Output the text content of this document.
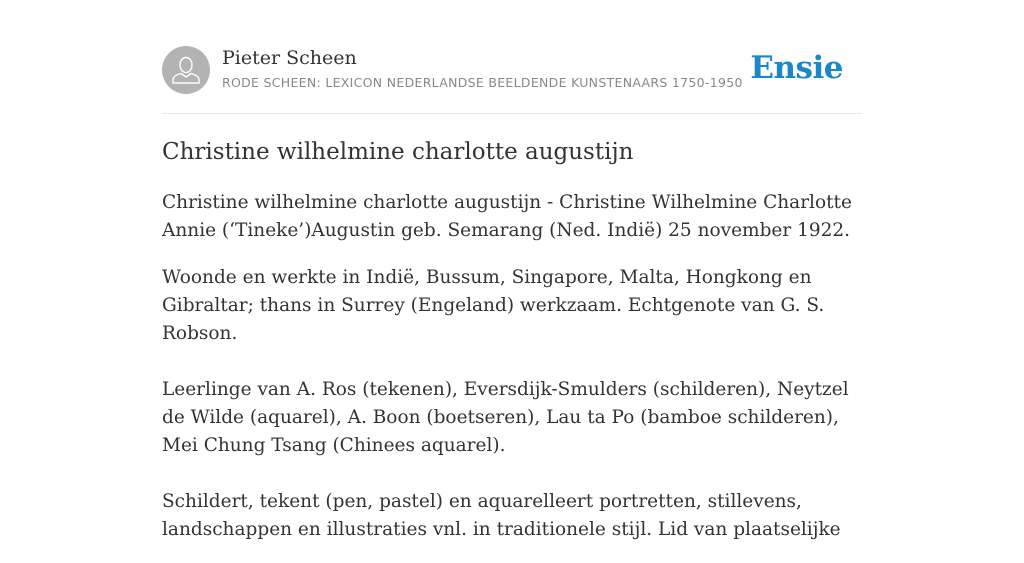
Pieter Scheen
RODE SCHEEN: LEXICON NEDERLANDSE BEELDENDE KUNSTENAARS 1750-1950 Ensie
Christine wilhelmine charlotte augustijn

Christine wilhelmine charlotte augustijn - Christine Wilhelmine Charlotte Annie (‘Tineke’)Augustin geb. Semarang (Ned. Indië) 25 november 1922.

Woonde en werkte in Indië, Bussum, Singapore, Malta, Hongkong en Gibraltar; thans in Surrey (Engeland) werkzaam. Echtgenote van G. S. Robson.

Leerlinge van A. Ros (tekenen), Eversdijk-Smulders (schilderen), Neytzel de Wilde (aquarel), A. Boon (boetseren), Lau ta Po (bamboe schilderen), Mei Chung Tsang (Chinees aquarel).

Schildert, tekent (pen, pastel) en aquarelleert portretten, stillevens, landschappen en illustraties vnl. in traditionele stijl. Lid van plaatselijke
